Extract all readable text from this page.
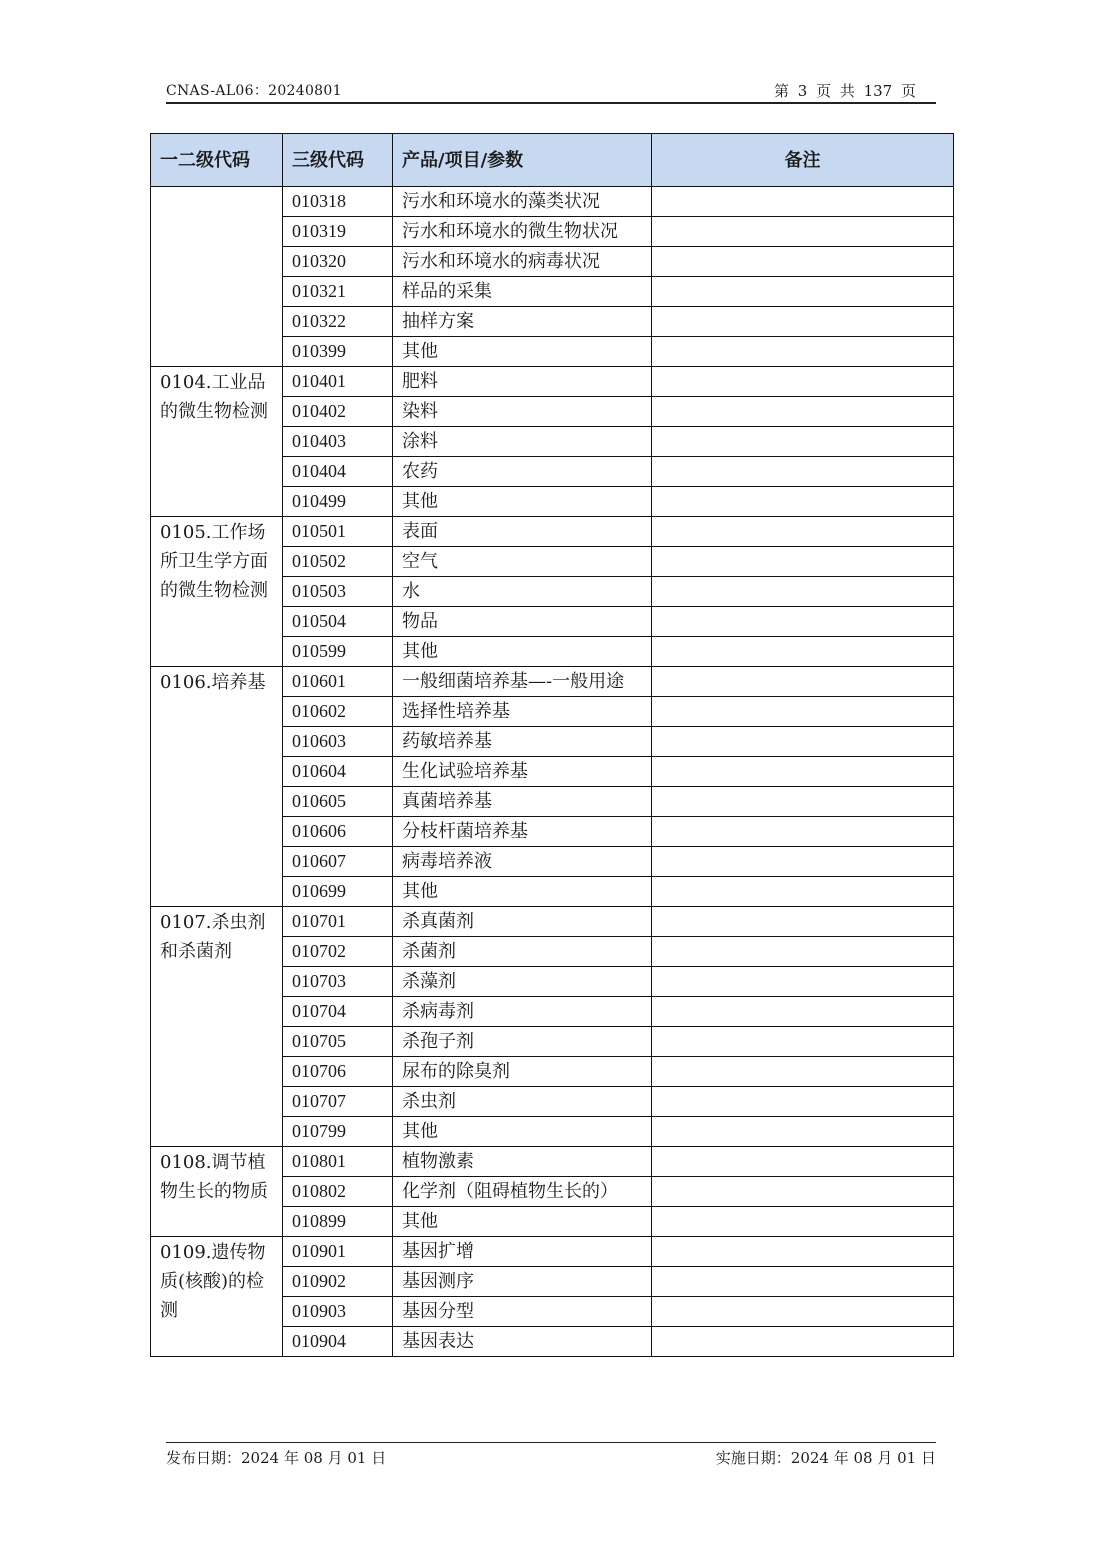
CNAS-AL06：20240801	第 3 页 共 137 页
一二级代码	三级代码	产品/项目/参数	备注
	010318	污水和环境水的藻类状况	
	010319	污水和环境水的微生物状况	
	010320	污水和环境水的病毒状况	
	010321	样品的采集	
	010322	抽样方案	
	010399	其他	
0104.工业品的微生物检测	010401	肥料	
	010402	染料	
	010403	涂料	
	010404	农药	
	010499	其他	
0105.工作场所卫生学方面的微生物检测	010501	表面	
	010502	空气	
	010503	水	
	010504	物品	
	010599	其他	
0106.培养基	010601	一般细菌培养基—-一般用途	
	010602	选择性培养基	
	010603	药敏培养基	
	010604	生化试验培养基	
	010605	真菌培养基	
	010606	分枝杆菌培养基	
	010607	病毒培养液	
	010699	其他	
0107.杀虫剂和杀菌剂	010701	杀真菌剂	
	010702	杀菌剂	
	010703	杀藻剂	
	010704	杀病毒剂	
	010705	杀孢子剂	
	010706	尿布的除臭剂	
	010707	杀虫剂	
	010799	其他	
0108.调节植物生长的物质	010801	植物激素	
	010802	化学剂（阻碍植物生长的）	
	010899	其他	
0109.遗传物质(核酸)的检测	010901	基因扩增	
	010902	基因测序	
	010903	基因分型	
	010904	基因表达	
发布日期：2024 年 08 月 01 日	实施日期：2024 年 08 月 01 日
